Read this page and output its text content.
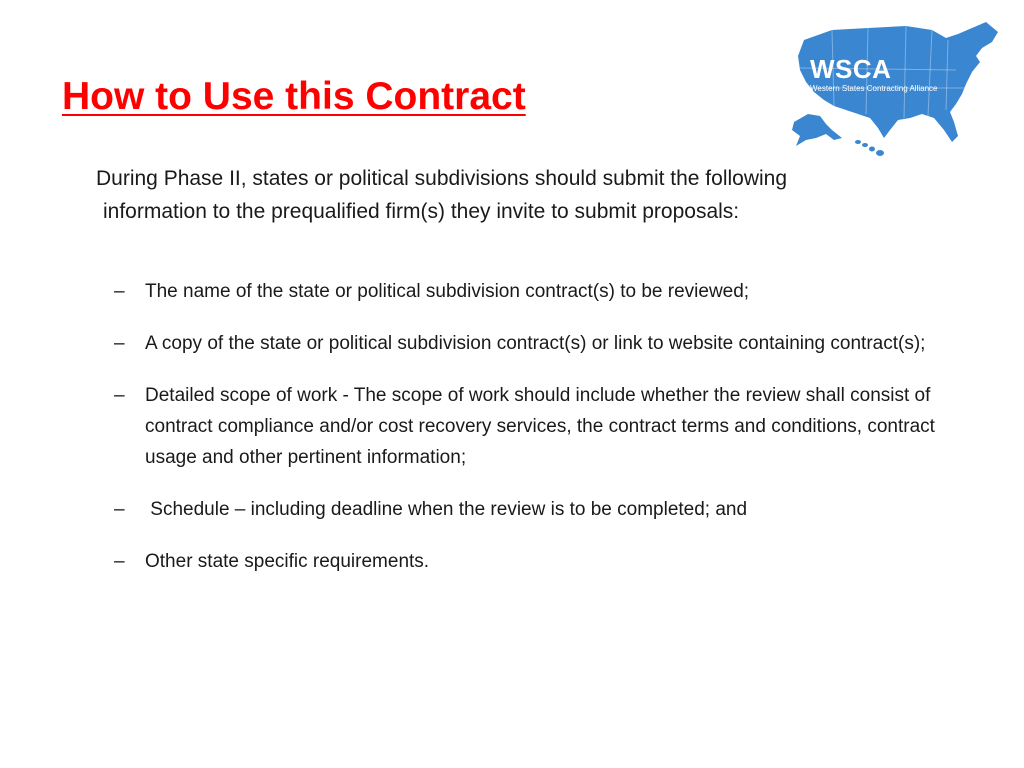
How to Use this Contract
WSCA
Western States Contracting Alliance

During Phase II, states or political subdivisions should submit the following
information to the prequalified firm(s) they invite to submit proposals:

– The name of the state or political subdivision contract(s) to be reviewed;
– A copy of the state or political subdivision contract(s) or link to website containing contract(s);
– Detailed scope of work - The scope of work should include whether the review shall consist of contract compliance and/or cost recovery services, the contract terms and conditions, contract usage and other pertinent information;
– Schedule – including deadline when the review is to be completed; and
– Other state specific requirements.
